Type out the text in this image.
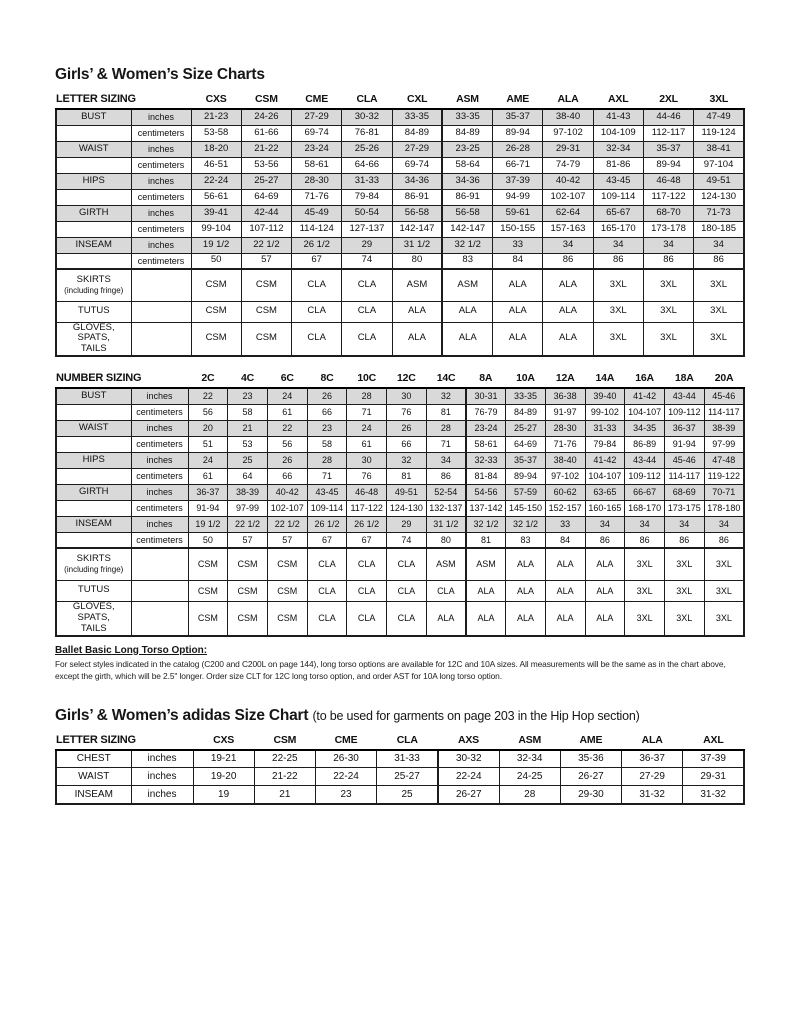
Girls’ & Women’s Size Charts
LETTER SIZING		CXS	CSM	CME	CLA	CXL	ASM	AME	ALA	AXL	2XL	3XL
BUST	inches	21-23	24-26	27-29	30-32	33-35	33-35	35-37	38-40	41-43	44-46	47-49
	centimeters	53-58	61-66	69-74	76-81	84-89	84-89	89-94	97-102	104-109	112-117	119-124
WAIST	inches	18-20	21-22	23-24	25-26	27-29	23-25	26-28	29-31	32-34	35-37	38-41
	centimeters	46-51	53-56	58-61	64-66	69-74	58-64	66-71	74-79	81-86	89-94	97-104
HIPS	inches	22-24	25-27	28-30	31-33	34-36	34-36	37-39	40-42	43-45	46-48	49-51
	centimeters	56-61	64-69	71-76	79-84	86-91	86-91	94-99	102-107	109-114	117-122	124-130
GIRTH	inches	39-41	42-44	45-49	50-54	56-58	56-58	59-61	62-64	65-67	68-70	71-73
	centimeters	99-104	107-112	114-124	127-137	142-147	142-147	150-155	157-163	165-170	173-178	180-185
INSEAM	inches	19 1/2	22 1/2	26 1/2	29	31 1/2	32 1/2	33	34	34	34	34
	centimeters	50	57	67	74	80	83	84	86	86	86	86
SKIRTS
(including fringe)		CSM	CSM	CLA	CLA	ASM	ASM	ALA	ALA	3XL	3XL	3XL
TUTUS		CSM	CSM	CLA	CLA	ALA	ALA	ALA	ALA	3XL	3XL	3XL
GLOVES, SPATS,
TAILS		CSM	CSM	CLA	CLA	ALA	ALA	ALA	ALA	3XL	3XL	3XL
NUMBER SIZING		2C	4C	6C	8C	10C	12C	14C	8A	10A	12A	14A	16A	18A	20A
BUST	inches	22	23	24	26	28	30	32	30-31	33-35	36-38	39-40	41-42	43-44	45-46
	centimeters	56	58	61	66	71	76	81	76-79	84-89	91-97	99-102	104-107	109-112	114-117
WAIST	inches	20	21	22	23	24	26	28	23-24	25-27	28-30	31-33	34-35	36-37	38-39
	centimeters	51	53	56	58	61	66	71	58-61	64-69	71-76	79-84	86-89	91-94	97-99
HIPS	inches	24	25	26	28	30	32	34	32-33	35-37	38-40	41-42	43-44	45-46	47-48
	centimeters	61	64	66	71	76	81	86	81-84	89-94	97-102	104-107	109-112	114-117	119-122
GIRTH	inches	36-37	38-39	40-42	43-45	46-48	49-51	52-54	54-56	57-59	60-62	63-65	66-67	68-69	70-71
	centimeters	91-94	97-99	102-107	109-114	117-122	124-130	132-137	137-142	145-150	152-157	160-165	168-170	173-175	178-180
INSEAM	inches	19 1/2	22 1/2	22 1/2	26 1/2	26 1/2	29	31 1/2	32 1/2	32 1/2	33	34	34	34	34
	centimeters	50	57	57	67	67	74	80	81	83	84	86	86	86	86
SKIRTS
(including fringe)		CSM	CSM	CSM	CLA	CLA	CLA	ASM	ASM	ALA	ALA	ALA	3XL	3XL	3XL
TUTUS		CSM	CSM	CSM	CLA	CLA	CLA	CLA	ALA	ALA	ALA	ALA	3XL	3XL	3XL
GLOVES, SPATS,
TAILS		CSM	CSM	CSM	CLA	CLA	CLA	ALA	ALA	ALA	ALA	ALA	3XL	3XL	3XL
Ballet Basic Long Torso Option:
For select styles indicated in the catalog (C200 and C200L on page 144), long torso options are available for 12C and 10A sizes. All measurements will be the same as in the chart above,
except the girth, which will be 2.5" longer. Order size CLT for 12C long torso option, and order AST for 10A long torso option.
Girls’ & Women’s adidas Size Chart (to be used for garments on page 203 in the Hip Hop section)
LETTER SIZING		CXS	CSM	CME	CLA	AXS	ASM	AME	ALA	AXL
CHEST	inches	19-21	22-25	26-30	31-33	30-32	32-34	35-36	36-37	37-39
WAIST	inches	19-20	21-22	22-24	25-27	22-24	24-25	26-27	27-29	29-31
INSEAM	inches	19	21	23	25	26-27	28	29-30	31-32	31-32
